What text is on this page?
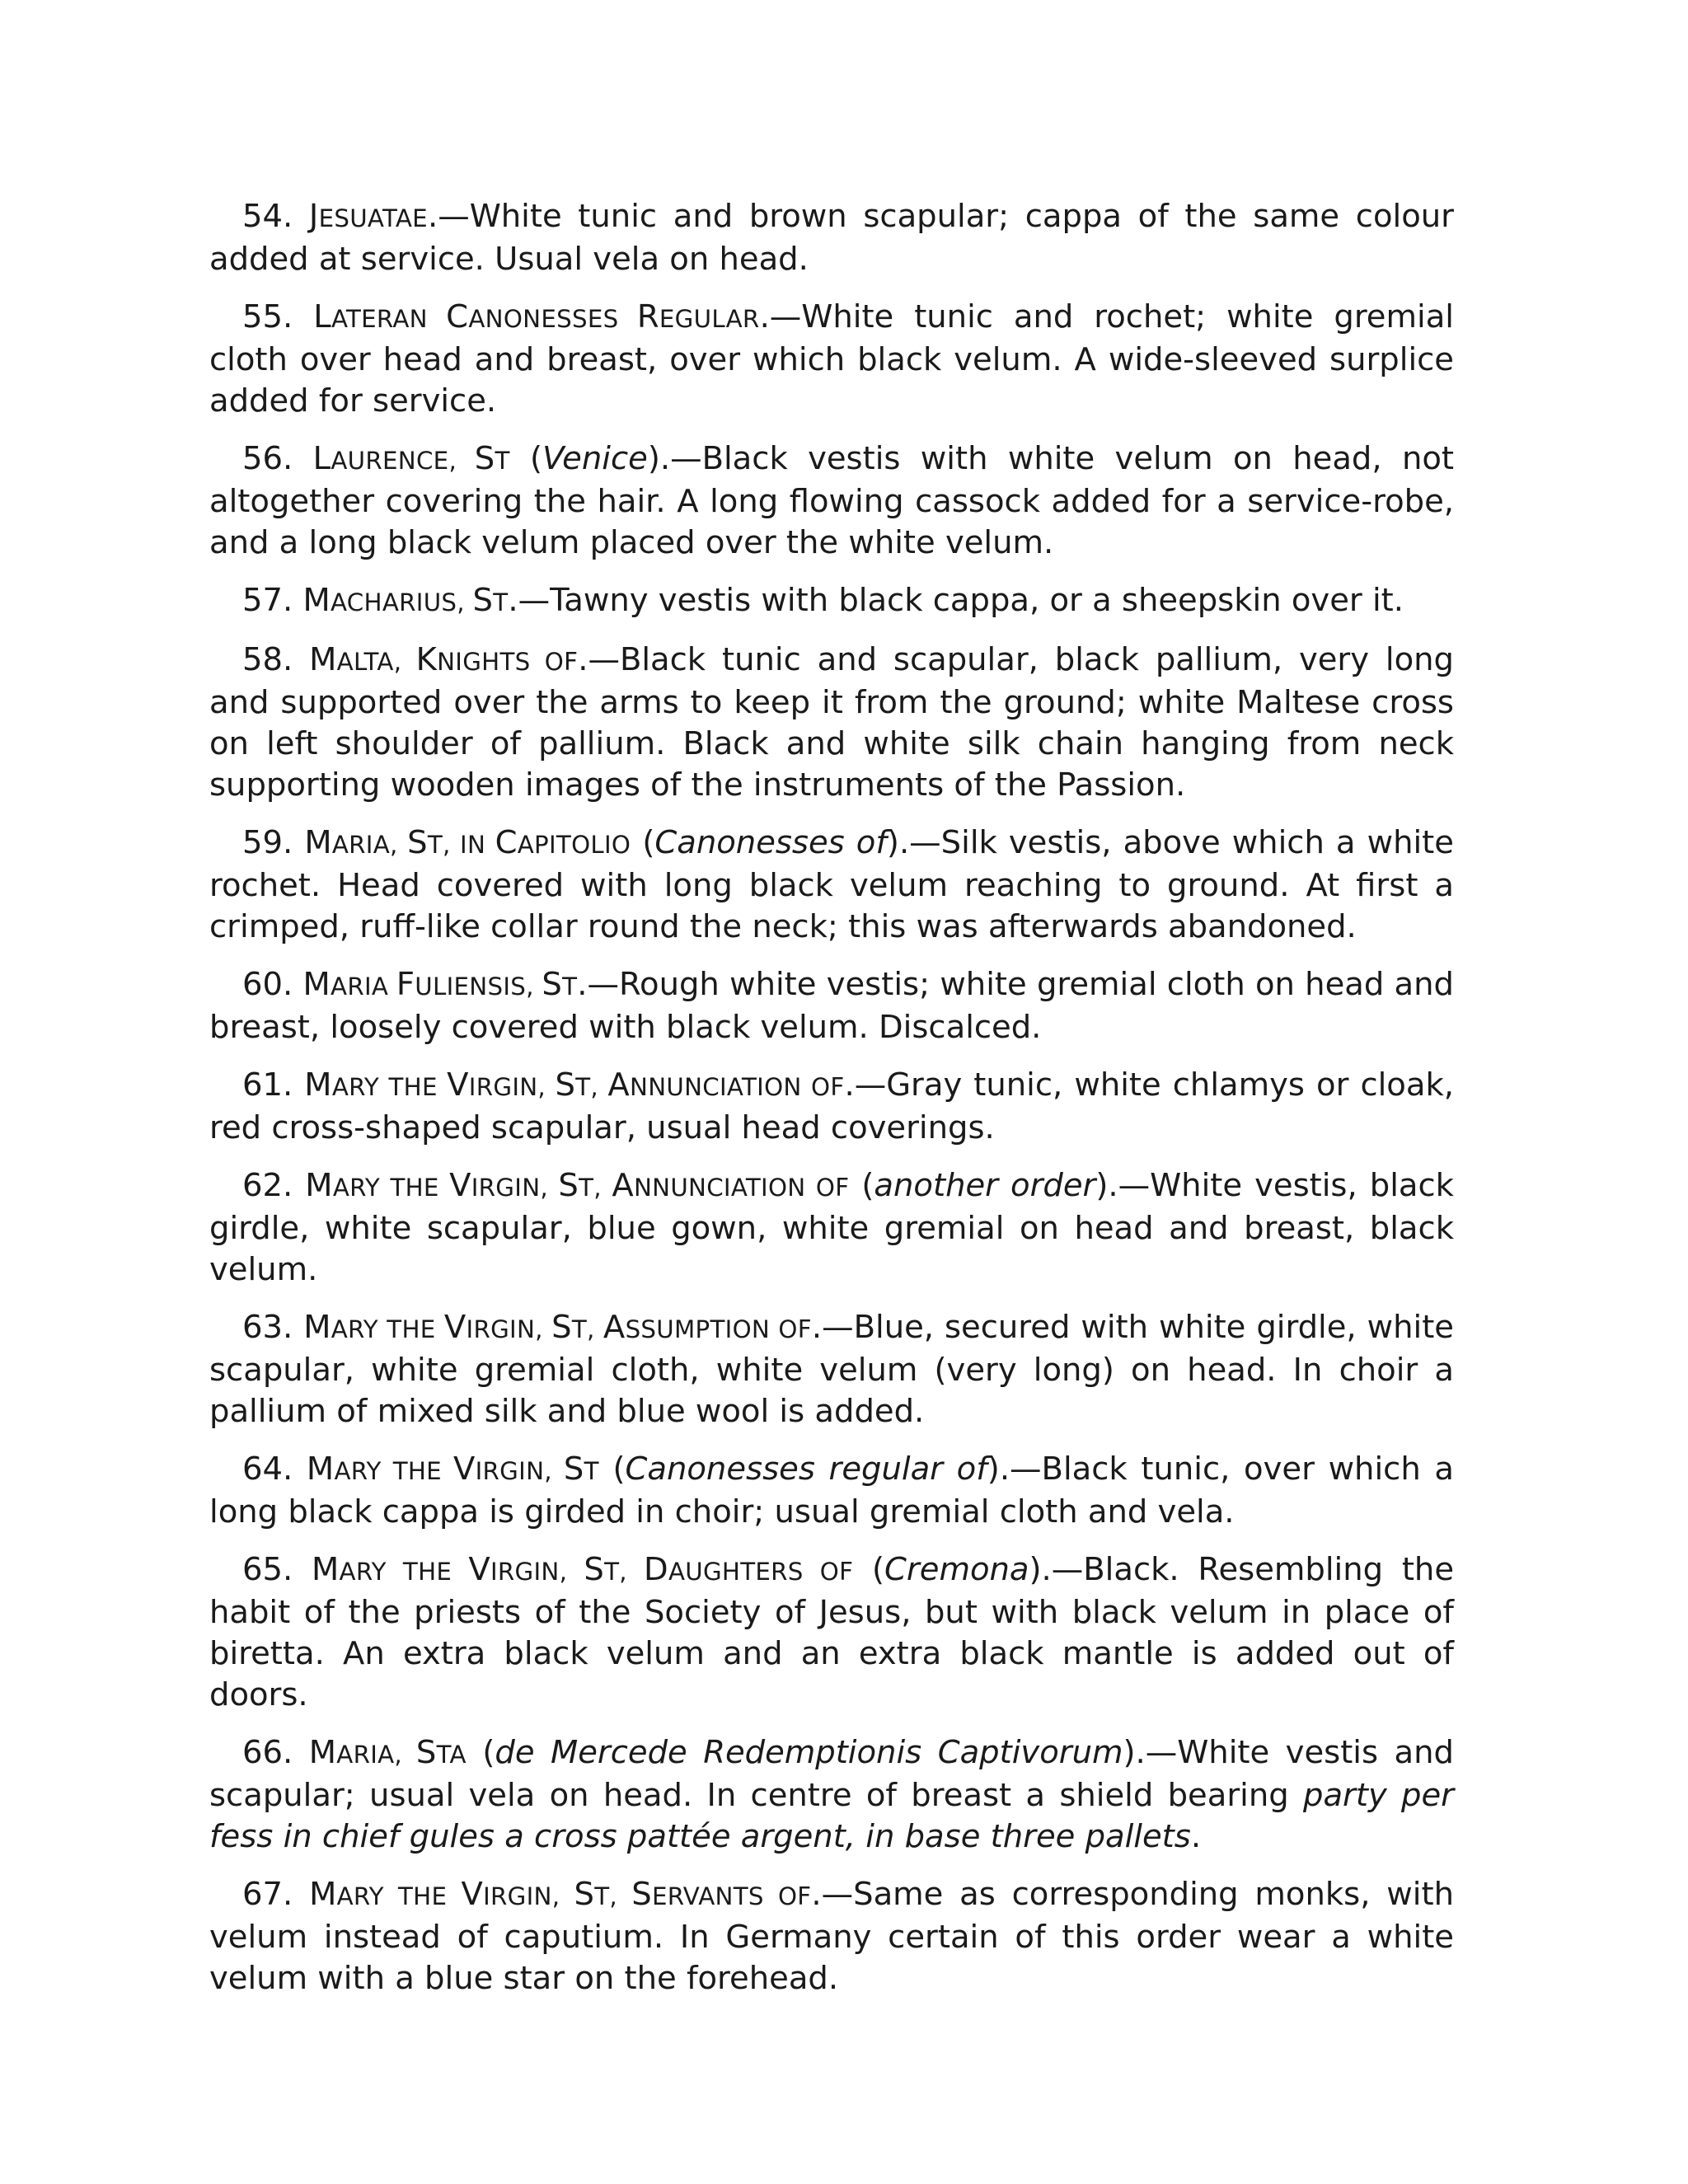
54. JESUATAE.—White tunic and brown scapular; cappa of the same colour added at service. Usual vela on head.

55. LATERAN CANONESSES REGULAR.—White tunic and rochet; white gremial cloth over head and breast, over which black velum. A wide-sleeved surplice added for service.

56. LAURENCE, ST (Venice).—Black vestis with white velum on head, not altogether covering the hair. A long flowing cassock added for a service-robe, and a long black velum placed over the white velum.

57. MACHARIUS, ST.—Tawny vestis with black cappa, or a sheepskin over it.

58. MALTA, KNIGHTS OF.—Black tunic and scapular, black pallium, very long and supported over the arms to keep it from the ground; white Maltese cross on left shoulder of pallium. Black and white silk chain hanging from neck supporting wooden images of the instruments of the Passion.

59. MARIA, ST, IN CAPITOLIO (Canonesses of).—Silk vestis, above which a white rochet. Head covered with long black velum reaching to ground. At first a crimped, ruff-like collar round the neck; this was afterwards abandoned.

60. MARIA FULIENSIS, ST.—Rough white vestis; white gremial cloth on head and breast, loosely covered with black velum. Discalced.

61. MARY THE VIRGIN, ST, ANNUNCIATION OF.—Gray tunic, white chlamys or cloak, red cross-shaped scapular, usual head coverings.

62. MARY THE VIRGIN, ST, ANNUNCIATION OF (another order).—White vestis, black girdle, white scapular, blue gown, white gremial on head and breast, black velum.

63. MARY THE VIRGIN, ST, ASSUMPTION OF.—Blue, secured with white girdle, white scapular, white gremial cloth, white velum (very long) on head. In choir a pallium of mixed silk and blue wool is added.

64. MARY THE VIRGIN, ST (Canonesses regular of).—Black tunic, over which a long black cappa is girded in choir; usual gremial cloth and vela.

65. MARY THE VIRGIN, ST, DAUGHTERS OF (Cremona).—Black. Resembling the habit of the priests of the Society of Jesus, but with black velum in place of biretta. An extra black velum and an extra black mantle is added out of doors.

66. MARIA, STA (de Mercede Redemptionis Captivorum).—White vestis and scapular; usual vela on head. In centre of breast a shield bearing party per fess in chief gules a cross pattée argent, in base three pallets.

67. MARY THE VIRGIN, ST, SERVANTS OF.—Same as corresponding monks, with velum instead of caputium. In Germany certain of this order wear a white velum with a blue star on the forehead.
